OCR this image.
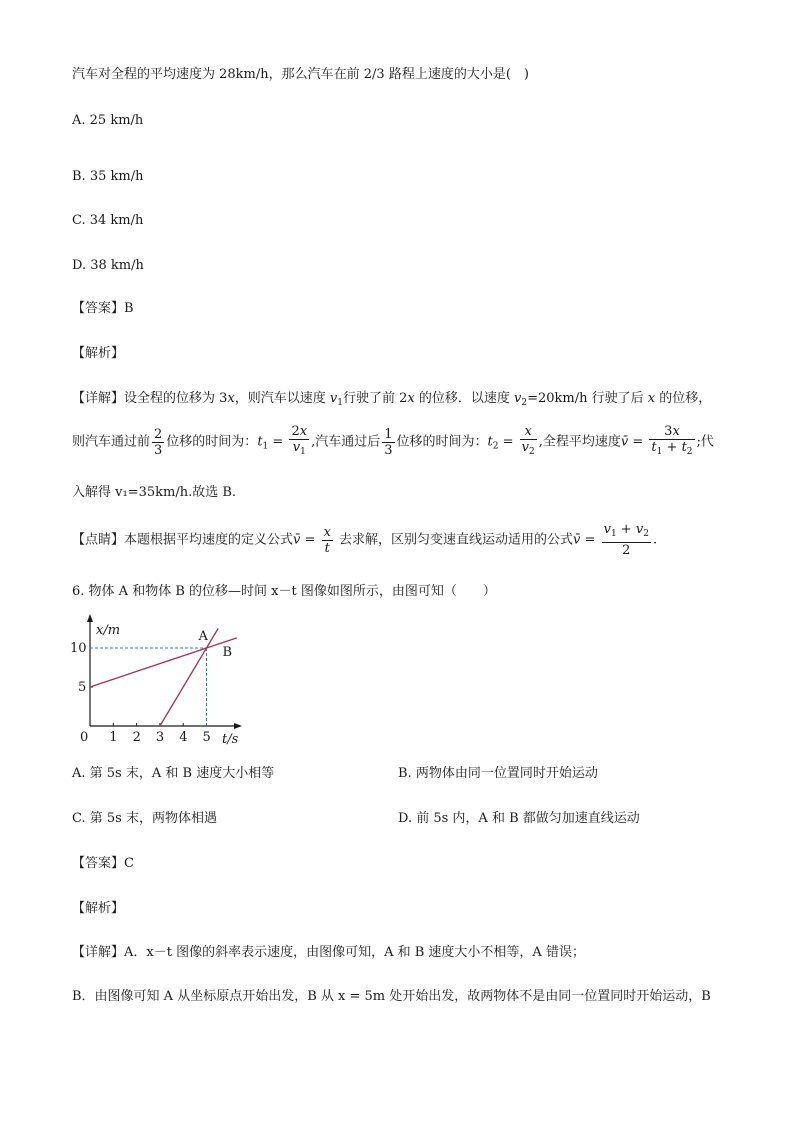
汽车对全程的平均速度为 28km/h，那么汽车在前 2/3 路程上速度的大小是(　)
A. 25 km/h
B. 35 km/h
C. 34 km/h
D. 38 km/h
【答案】B
【解析】
【详解】设全程的位移为 3x，则汽车以速度 $v_1$行驶了前 2x 的位移．以速度 $v_2=20km/h$ 行驶了后 x 的位移，
则汽车通过前 $\frac{2}{3}$ 位移的时间为：$t_1 = \frac{2x}{v_1}$ ,汽车通过后 $\frac{1}{3}$ 位移的时间为：$t_2 = \frac{x}{v_2}$ ,全程平均速度v̄ = $\frac{3x}{t_1 + t_2}$ ;代
入解得 v₁=35km/h.故选 B.
【点睛】本题根据平均速度的定义公式v̄ = $\frac{x}{t}$ 去求解，区别匀变速直线运动适用的公式v̄ = $\frac{v_1 + v_2}{2}$ .
6. 物体 A 和物体 B 的位移—时间 x－t 图像如图所示，由图可知（　　）
x/m
t/s
0 1 2 3 4 5
5
10
A
B
A. 第 5s 末，A 和 B 速度大小相等	B. 两物体由同一位置同时开始运动
C. 第 5s 末，两物体相遇	D. 前 5s 内，A 和 B 都做匀加速直线运动
【答案】C
【解析】
【详解】A．x－t 图像的斜率表示速度，由图像可知，A 和 B 速度大小不相等，A 错误；
B．由图像可知 A 从坐标原点开始出发，B 从 x = 5m 处开始出发，故两物体不是由同一位置同时开始运动，B
